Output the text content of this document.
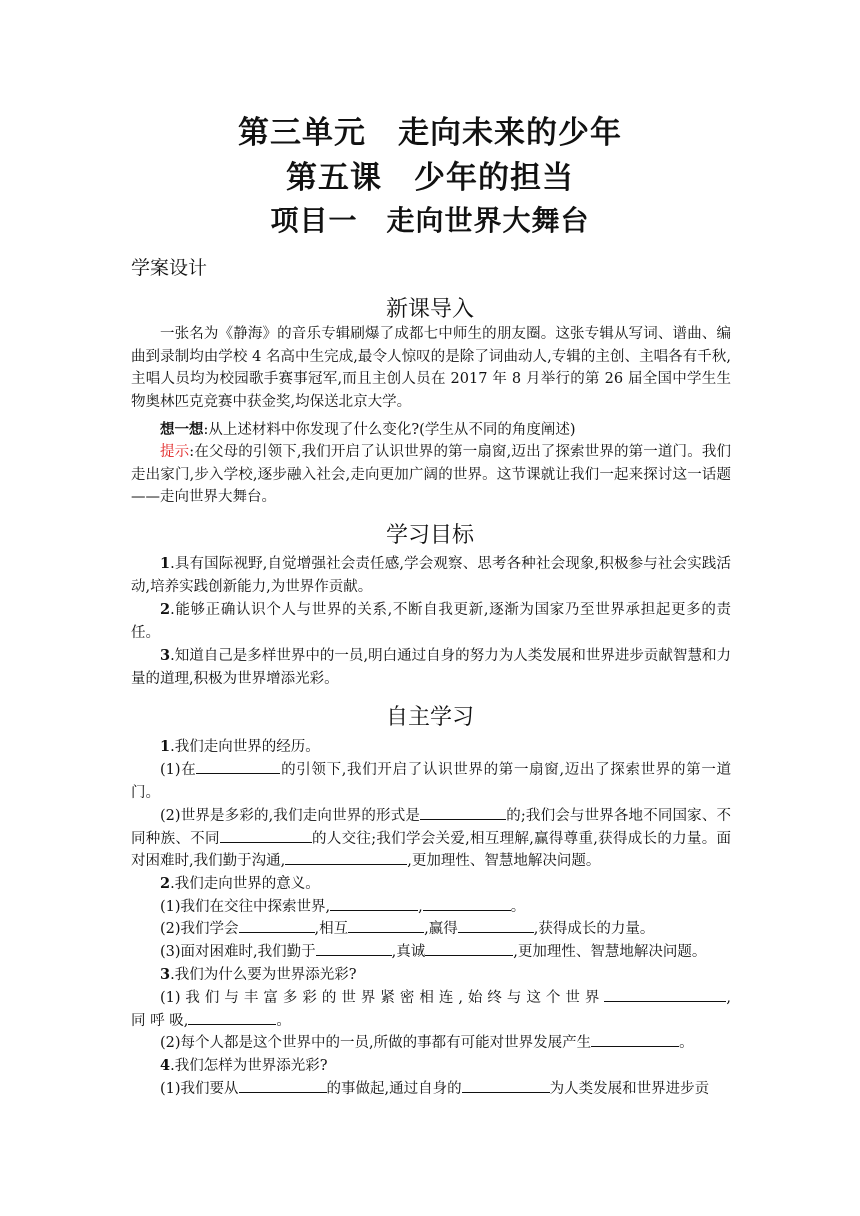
第三单元　走向未来的少年
第五课　少年的担当
项目一　走向世界大舞台
学案设计
新课导入

一张名为《静海》的音乐专辑刷爆了成都七中师生的朋友圈。这张专辑从写词、谱曲、编曲到录制均由学校 4 名高中生完成,最令人惊叹的是除了词曲动人,专辑的主创、主唱各有千秋,主唱人员均为校园歌手赛事冠军,而且主创人员在 2017 年 8 月举行的第 26 届全国中学生生物奥林匹克竞赛中获金奖,均保送北京大学。

想一想:从上述材料中你发现了什么变化?(学生从不同的角度阐述)

提示:在父母的引领下,我们开启了认识世界的第一扇窗,迈出了探索世界的第一道门。我们走出家门,步入学校,逐步融入社会,走向更加广阔的世界。这节课就让我们一起来探讨这一话题——走向世界大舞台。

学习目标

1.具有国际视野,自觉增强社会责任感,学会观察、思考各种社会现象,积极参与社会实践活动,培养实践创新能力,为世界作贡献。

2.能够正确认识个人与世界的关系,不断自我更新,逐渐为国家乃至世界承担起更多的责任。

3.知道自己是多样世界中的一员,明白通过自身的努力为人类发展和世界进步贡献智慧和力量的道理,积极为世界增添光彩。

自主学习

1.我们走向世界的经历。

(1)在	的引领下,我们开启了认识世界的第一扇窗,迈出了探索世界的第一道门。

(2)世界是多彩的,我们走向世界的形式是	的;我们会与世界各地不同国家、不同种族、不同	的人交往;我们学会关爱,相互理解,赢得尊重,获得成长的力量。面对困难时,我们勤于沟通,	,更加理性、智慧地解决问题。

2.我们走向世界的意义。

(1)我们在交往中探索世界,	,	。

(2)我们学会	,相互	,赢得	,获得成长的力量。

(3)面对困难时,我们勤于	,真诚	,更加理性、智慧地解决问题。

3.我们为什么要为世界添光彩?

(1) 我 们 与 丰 富 多 彩 的 世 界 紧 密 相 连 , 始 终 与 这 个 世 界	, 同 呼 吸,	。

(2)每个人都是这个世界中的一员,所做的事都有可能对世界发展产生	。

4.我们怎样为世界添光彩?

(1)我们要从	的事做起,通过自身的	为人类发展和世界进步贡
